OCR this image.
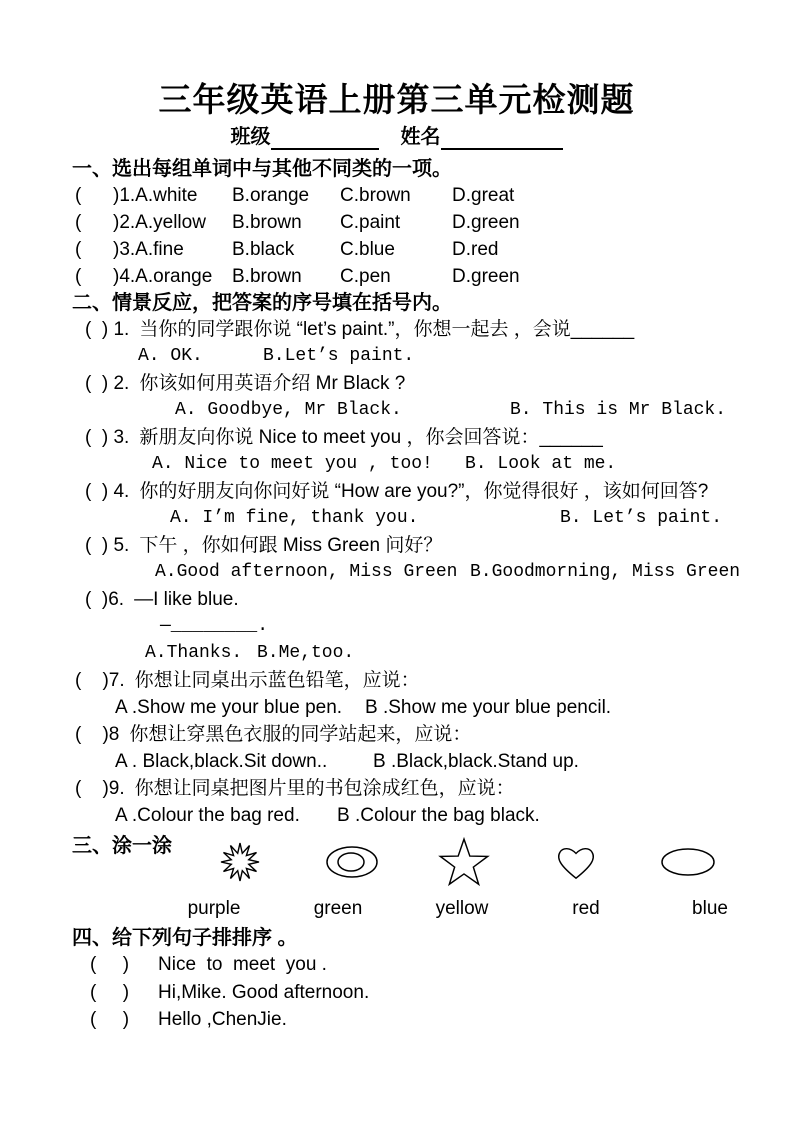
三年级英语上册第三单元检测题
班级	姓名
一、选出每组单词中与其他不同类的一项。
(	)1.A.white	B.orange	C.brown	D.great
(	)2.A.yellow	B.brown	C.paint	D.green
(	)3.A.fine	B.black	C.blue	D.red
(	)4.A.orange	B.brown	C.pen	D.green
二、情景反应，把答案的序号填在括号内。
(  ) 1. 当你的同学跟你说 “let’s paint.”，你想一起去 ，会说______
A. OK.	B.Let’s paint.
(  ) 2. 你该如何用英语介绍 Mr Black ?
A. Goodbye, Mr Black.	B. This is Mr Black.
(  ) 3. 新朋友向你说 Nice to meet you ，你会回答说：______
A. Nice to meet you , too!	B. Look at me.
(  ) 4. 你的好朋友向你问好说 “How are you?”，你觉得很好 ，该如何回答?
A. I’m fine, thank you.	B. Let’s paint.
(  ) 5. 下午 ，你如何跟 Miss Green 问好？
A.Good afternoon, Miss Green B.Goodmorning, Miss Green
(  )6. —I like blue.
—________.
A.Thanks. B.Me,too.
(    )7. 你想让同桌出示蓝色铅笔，应说：
A .Show me your blue pen.	B .Show me your blue pencil.
(    )8 你想让穿黑色衣服的同学站起来，应说：
A . Black,black.Sit down..	B .Black,black.Stand up.
(    )9. 你想让同桌把图片里的书包涂成红色，应说：
A .Colour the bag red.	B .Colour the bag black.
三、涂一涂
purple	green	yellow	red	blue
四、给下列句子排排序 。
(     )	Nice  to  meet  you .
(     )	Hi,Mike. Good afternoon.
(     )	Hello ,ChenJie.
